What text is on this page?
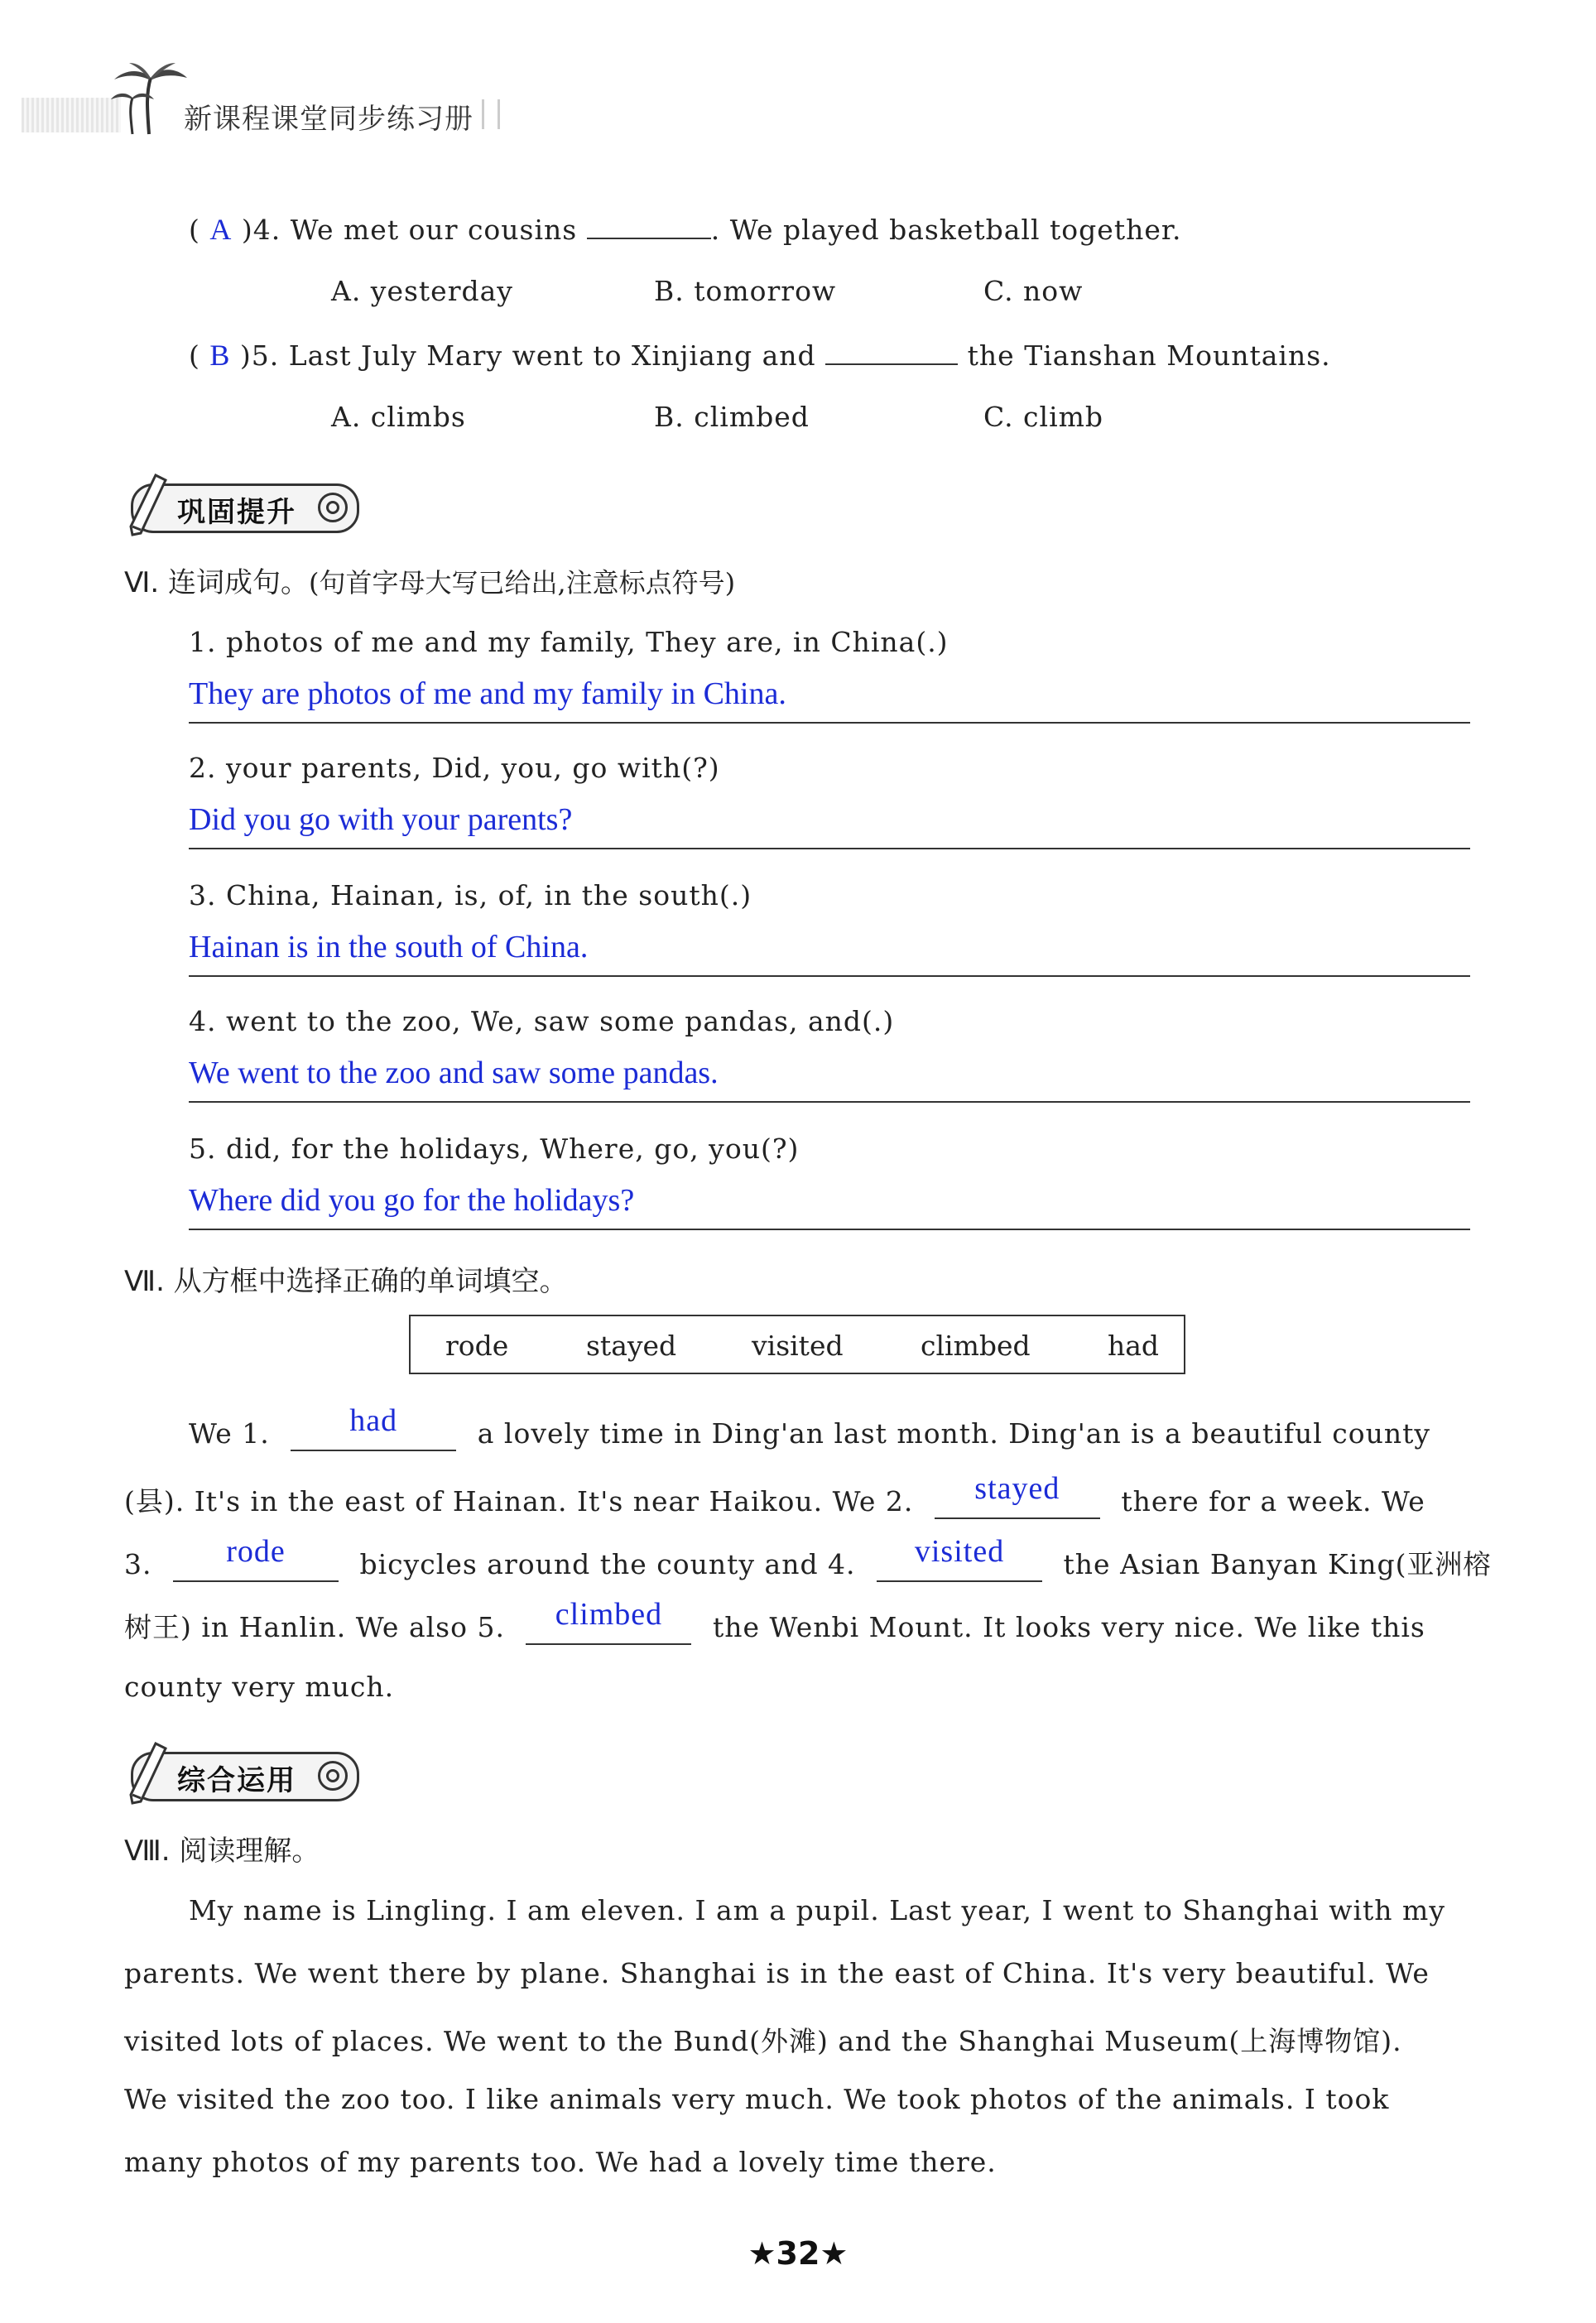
新课程课堂同步练习册
( A )4. We met our cousins	. We played basketball together.
A. yesterday	B. tomorrow	C. now
( B )5. Last July Mary went to Xinjiang and	the Tianshan Mountains.
A. climbs	B. climbed	C. climb
巩固提升
Ⅵ. 连词成句。(句首字母大写已给出,注意标点符号)
1. photos of me and my family, They are, in China(.)
They are photos of me and my family in China.
2. your parents, Did, you, go with(?)
Did you go with your parents?
3. China, Hainan, is, of, in the south(.)
Hainan is in the south of China.
4. went to the zoo, We, saw some pandas, and(.)
We went to the zoo and saw some pandas.
5. did, for the holidays, Where, go, you(?)
Where did you go for the holidays?
Ⅶ. 从方框中选择正确的单词填空。
rode	stayed	visited	climbed	had
We 1.	had	a lovely time in Ding'an last month. Ding'an is a beautiful county
(县). It's in the east of Hainan. It's near Haikou. We 2.	stayed	there for a week. We
3.	rode	bicycles around the county and 4.	visited	the Asian Banyan King(亚洲榕
树王) in Hanlin. We also 5.	climbed	the Wenbi Mount. It looks very nice. We like this
county very much.
综合运用
Ⅷ. 阅读理解。
My name is Lingling. I am eleven. I am a pupil. Last year, I went to Shanghai with my
parents. We went there by plane. Shanghai is in the east of China. It's very beautiful. We
visited lots of places. We went to the Bund(外滩) and the Shanghai Museum(上海博物馆).
We visited the zoo too. I like animals very much. We took photos of the animals. I took
many photos of my parents too. We had a lovely time there.
★32★
